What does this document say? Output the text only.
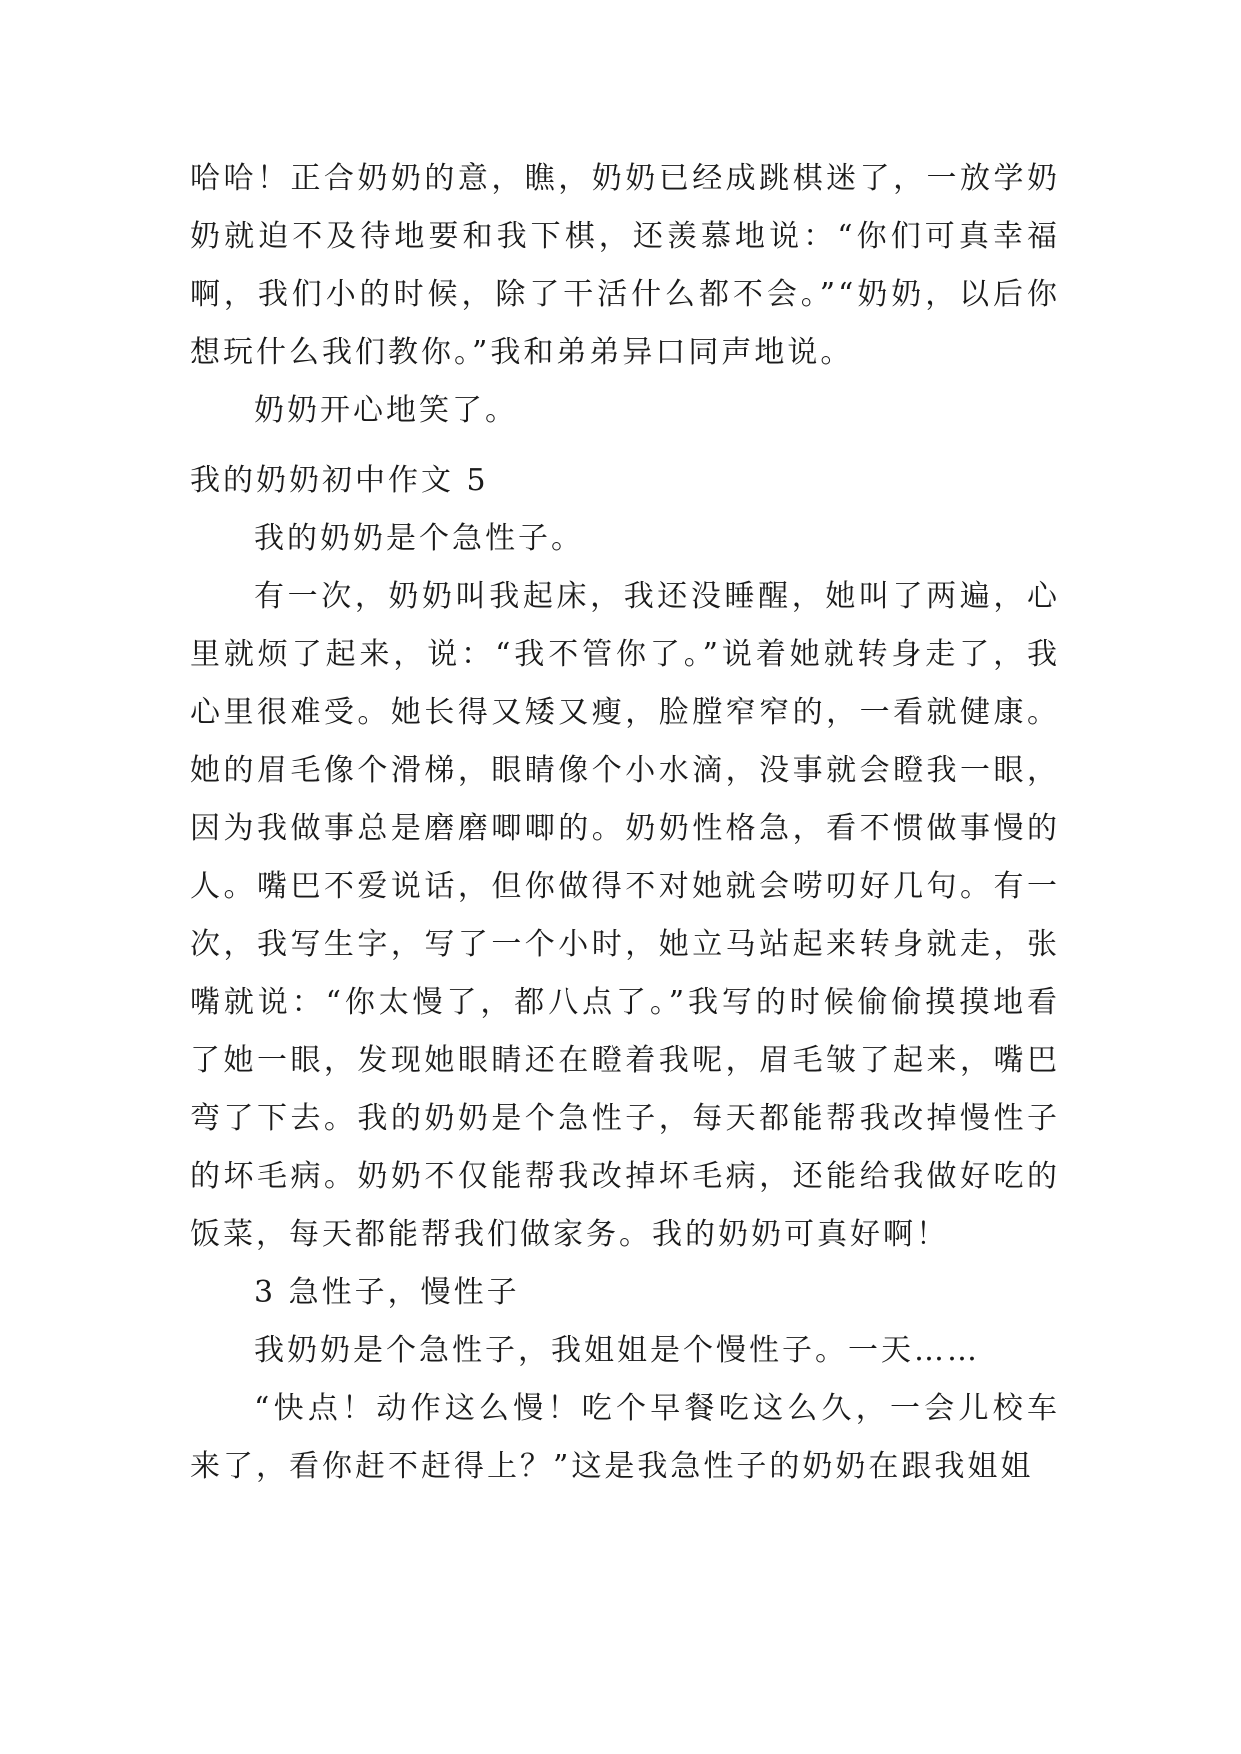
哈哈！正合奶奶的意，瞧，奶奶已经成跳棋迷了，一放学奶奶就迫不及待地要和我下棋，还羡慕地说：“你们可真幸福啊，我们小的时候，除了干活什么都不会。”“奶奶，以后你想玩什么我们教你。”我和弟弟异口同声地说。

奶奶开心地笑了。

我的奶奶初中作文 5

我的奶奶是个急性子。

有一次，奶奶叫我起床，我还没睡醒，她叫了两遍，心里就烦了起来，说：“我不管你了。”说着她就转身走了，我心里很难受。她长得又矮又瘦，脸膛窄窄的，一看就健康。她的眉毛像个滑梯，眼睛像个小水滴，没事就会瞪我一眼，因为我做事总是磨磨唧唧的。奶奶性格急，看不惯做事慢的人。嘴巴不爱说话，但你做得不对她就会唠叨好几句。有一次，我写生字，写了一个小时，她立马站起来转身就走，张嘴就说：“你太慢了，都八点了。”我写的时候偷偷摸摸地看了她一眼，发现她眼睛还在瞪着我呢，眉毛皱了起来，嘴巴弯了下去。我的奶奶是个急性子，每天都能帮我改掉慢性子的坏毛病。奶奶不仅能帮我改掉坏毛病，还能给我做好吃的饭菜，每天都能帮我们做家务。我的奶奶可真好啊！

3 急性子，慢性子

我奶奶是个急性子，我姐姐是个慢性子。一天……

“快点！动作这么慢！吃个早餐吃这么久，一会儿校车来了，看你赶不赶得上？”这是我急性子的奶奶在跟我姐姐
